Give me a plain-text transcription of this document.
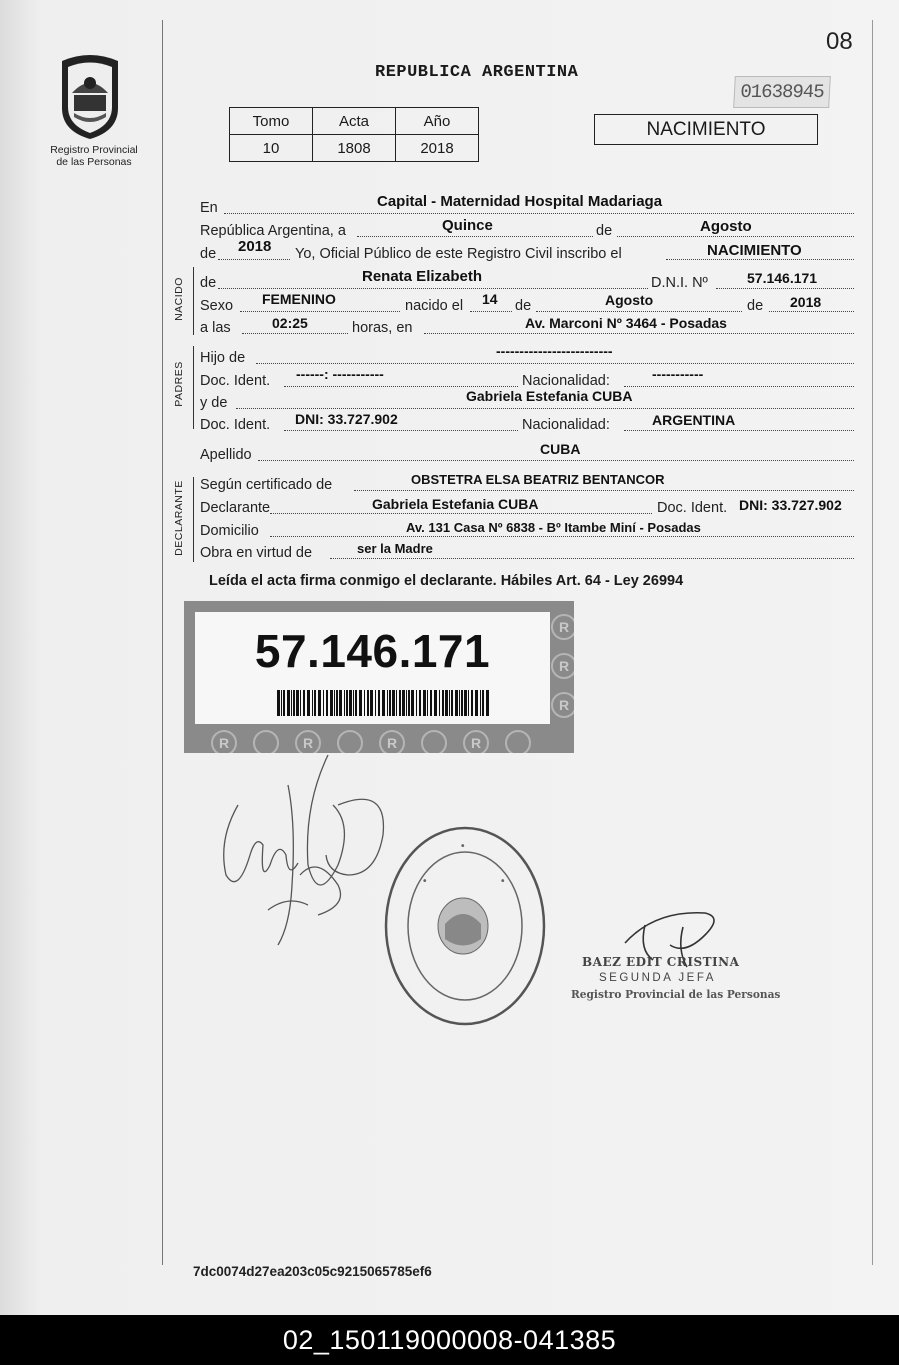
08
Registro Provincial
de las Personas
REPUBLICA ARGENTINA
01638945
Tomo	Acta	Año
10	1808	2018
NACIMIENTO
En	Capital - Maternidad Hospital Madariaga
República Argentina, a	Quince	de	Agosto
de 2018 Yo, Oficial Público de este Registro Civil inscribo el	NACIMIENTO
NACIDO de	Renata Elizabeth	D.N.I. Nº	57.146.171
Sexo FEMENINO	nacido el 14 de	Agosto	de 2018
a las	02:25	horas, en	Av. Marconi Nº 3464 - Posadas
PADRES
Hijo de	-------------------------
Doc. Ident. ------: -----------	Nacionalidad:	-----------
y de	Gabriela Estefania CUBA
Doc. Ident. DNI: 33.727.902	Nacionalidad:	ARGENTINA
Apellido	CUBA
DECLARANTE Según certificado de	OBSTETRA ELSA BEATRIZ BENTANCOR
Declarante	Gabriela Estefania CUBA	Doc. Ident. DNI: 33.727.902
Domicilio	Av. 131 Casa Nº 6838 - Bº Itambe Miní - Posadas
Obra en virtud de	ser la Madre
Leída el acta firma conmigo el declarante. Hábiles Art. 64 - Ley 26994
R
R
R
R	R	R	R
57.146.171
•
•	•
BAEZ EDIT CRISTINA
SEGUNDA JEFA
Registro Provincial de las Personas
7dc0074d27ea203c05c9215065785ef6
02_150119000008-041385
